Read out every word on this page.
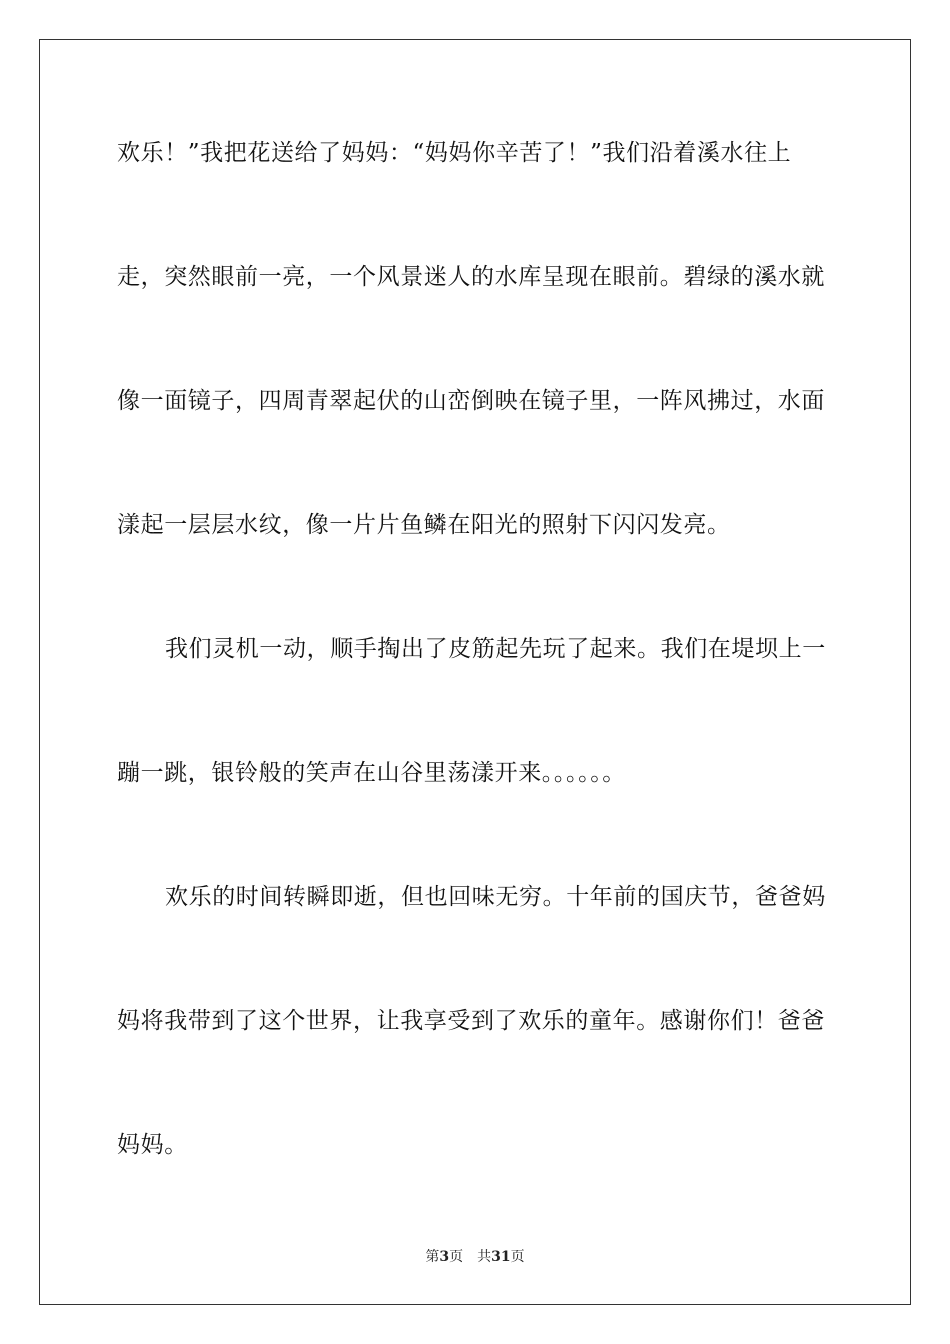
欢乐！”我把花送给了妈妈：“妈妈你辛苦了！”我们沿着溪水往上
走，突然眼前一亮，一个风景迷人的水库呈现在眼前。碧绿的溪水就
像一面镜子，四周青翠起伏的山峦倒映在镜子里，一阵风拂过，水面
漾起一层层水纹，像一片片鱼鳞在阳光的照射下闪闪发亮。
我们灵机一动，顺手掏出了皮筋起先玩了起来。我们在堤坝上一
蹦一跳，银铃般的笑声在山谷里荡漾开来。。。。。。
欢乐的时间转瞬即逝，但也回味无穷。十年前的国庆节，爸爸妈
妈将我带到了这个世界，让我享受到了欢乐的童年。感谢你们！爸爸
妈妈。
第3页 共31页
